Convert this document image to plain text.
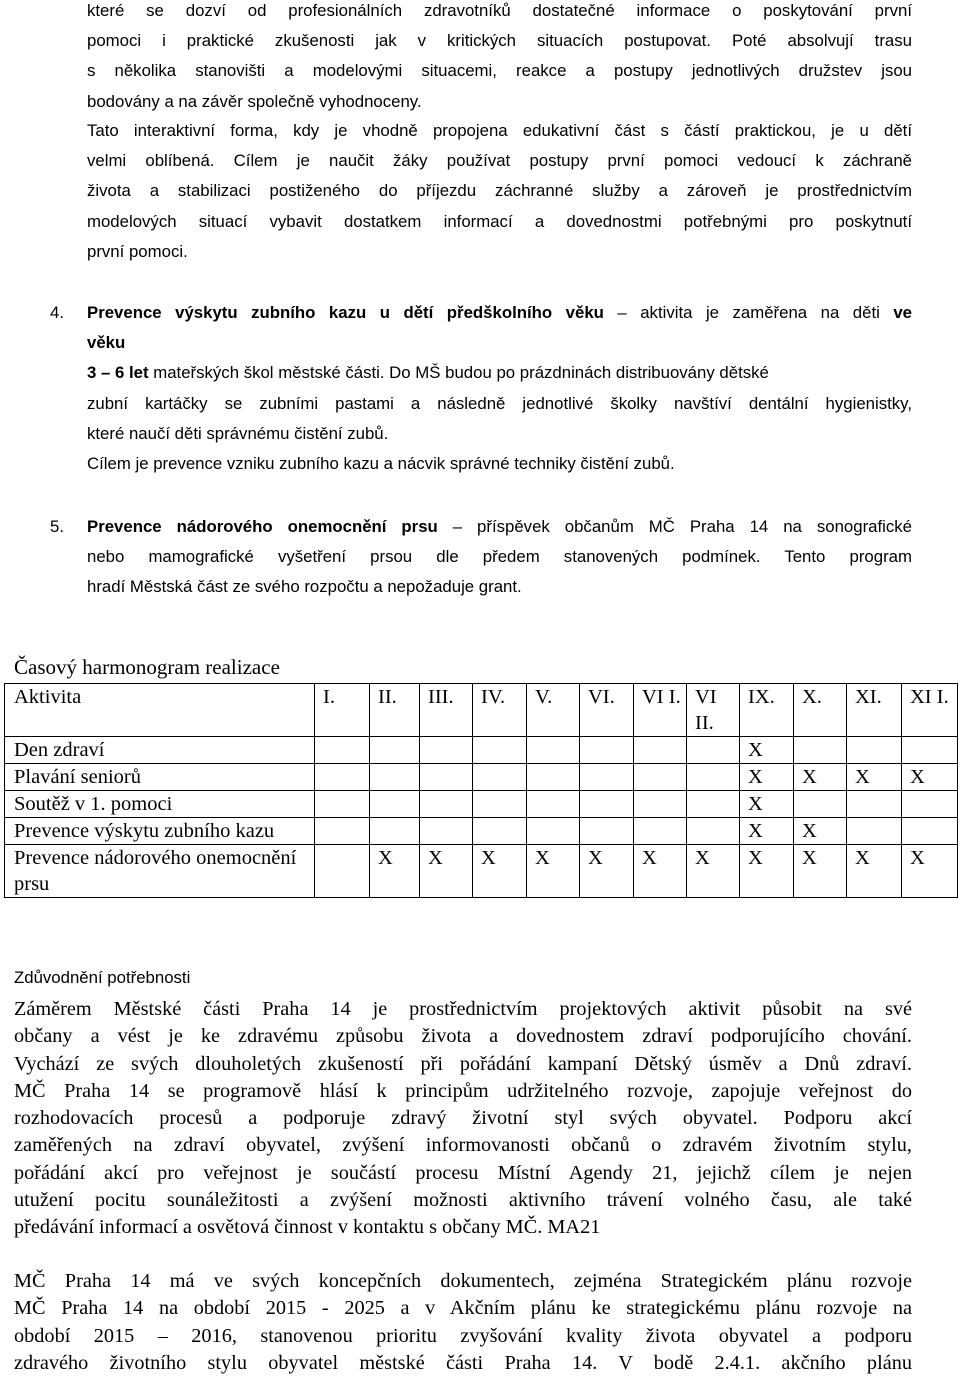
které se dozví od profesionálních zdravotníků dostatečné informace o poskytování první
pomoci i praktické zkušenosti jak v kritických situacích postupovat. Poté absolvují trasu
s několika stanovišti a modelovými situacemi, reakce a postupy jednotlivých družstev jsou
bodovány a na závěr společně vyhodnoceny.
Tato interaktivní forma, kdy je vhodně propojena edukativní část s částí praktickou, je u dětí
velmi oblíbená. Cílem je naučit žáky používat postupy první pomoci vedoucí k záchraně
života a stabilizaci postiženého do příjezdu záchranné služby a zároveň je prostřednictvím
modelových situací vybavit dostatkem informací a dovednostmi potřebnými pro poskytnutí
první pomoci.
4. Prevence výskytu zubního kazu u dětí předškolního věku – aktivita je zaměřena na děti ve
věku
3 – 6 let mateřských škol městské části. Do MŠ budou po prázdninách distribuovány dětské
zubní kartáčky se zubními pastami a následně jednotlivé školky navštíví dentální hygienistky,
které naučí děti správnému čistění zubů.
Cílem je prevence vzniku zubního kazu a nácvik správné techniky čistění zubů.
5. Prevence nádorového onemocnění prsu – příspěvek občanům MČ Praha 14 na sonografické
nebo mamografické vyšetření prsou dle předem stanovených podmínek. Tento program
hradí Městská část ze svého rozpočtu a nepožaduje grant.
Časový harmonogram realizace
Aktivita	I.	II.	III.	IV.	V.	VI.	VI I.	VI II.	IX.	X.	XI.	XI I.
Den zdraví									X			
Plavání seniorů									X	X	X	X
Soutěž v 1. pomoci									X			
Prevence výskytu zubního kazu									X	X		
Prevence nádorového onemocnění prsu		X	X	X	X	X	X	X	X	X	X	X
Zdůvodnění potřebnosti
Záměrem Městské části Praha 14 je prostřednictvím projektových aktivit působit na své
občany a vést je ke zdravému způsobu života a dovednostem zdraví podporujícího chování.
Vychází ze svých dlouholetých zkušeností při pořádání kampaní Dětský úsměv a Dnů zdraví.
MČ Praha 14 se programově hlásí k principům udržitelného rozvoje, zapojuje veřejnost do
rozhodovacích procesů a podporuje zdravý životní styl svých obyvatel. Podporu akcí
zaměřených na zdraví obyvatel, zvýšení informovanosti občanů o zdravém životním stylu,
pořádání akcí pro veřejnost je součástí procesu Místní Agendy 21, jejichž cílem je nejen
utužení pocitu sounáležitosti a zvýšení možnosti aktivního trávení volného času, ale také
předávání informací a osvětová činnost v kontaktu s občany MČ. MA21
MČ Praha 14 má ve svých koncepčních dokumentech, zejména Strategickém plánu rozvoje
MČ Praha 14 na období 2015 - 2025 a v Akčním plánu ke strategickému plánu rozvoje na
období 2015 – 2016, stanovenou prioritu zvyšování kvality života obyvatel a podporu
zdravého životního stylu obyvatel městské části Praha 14. V bodě 2.4.1. akčního plánu
